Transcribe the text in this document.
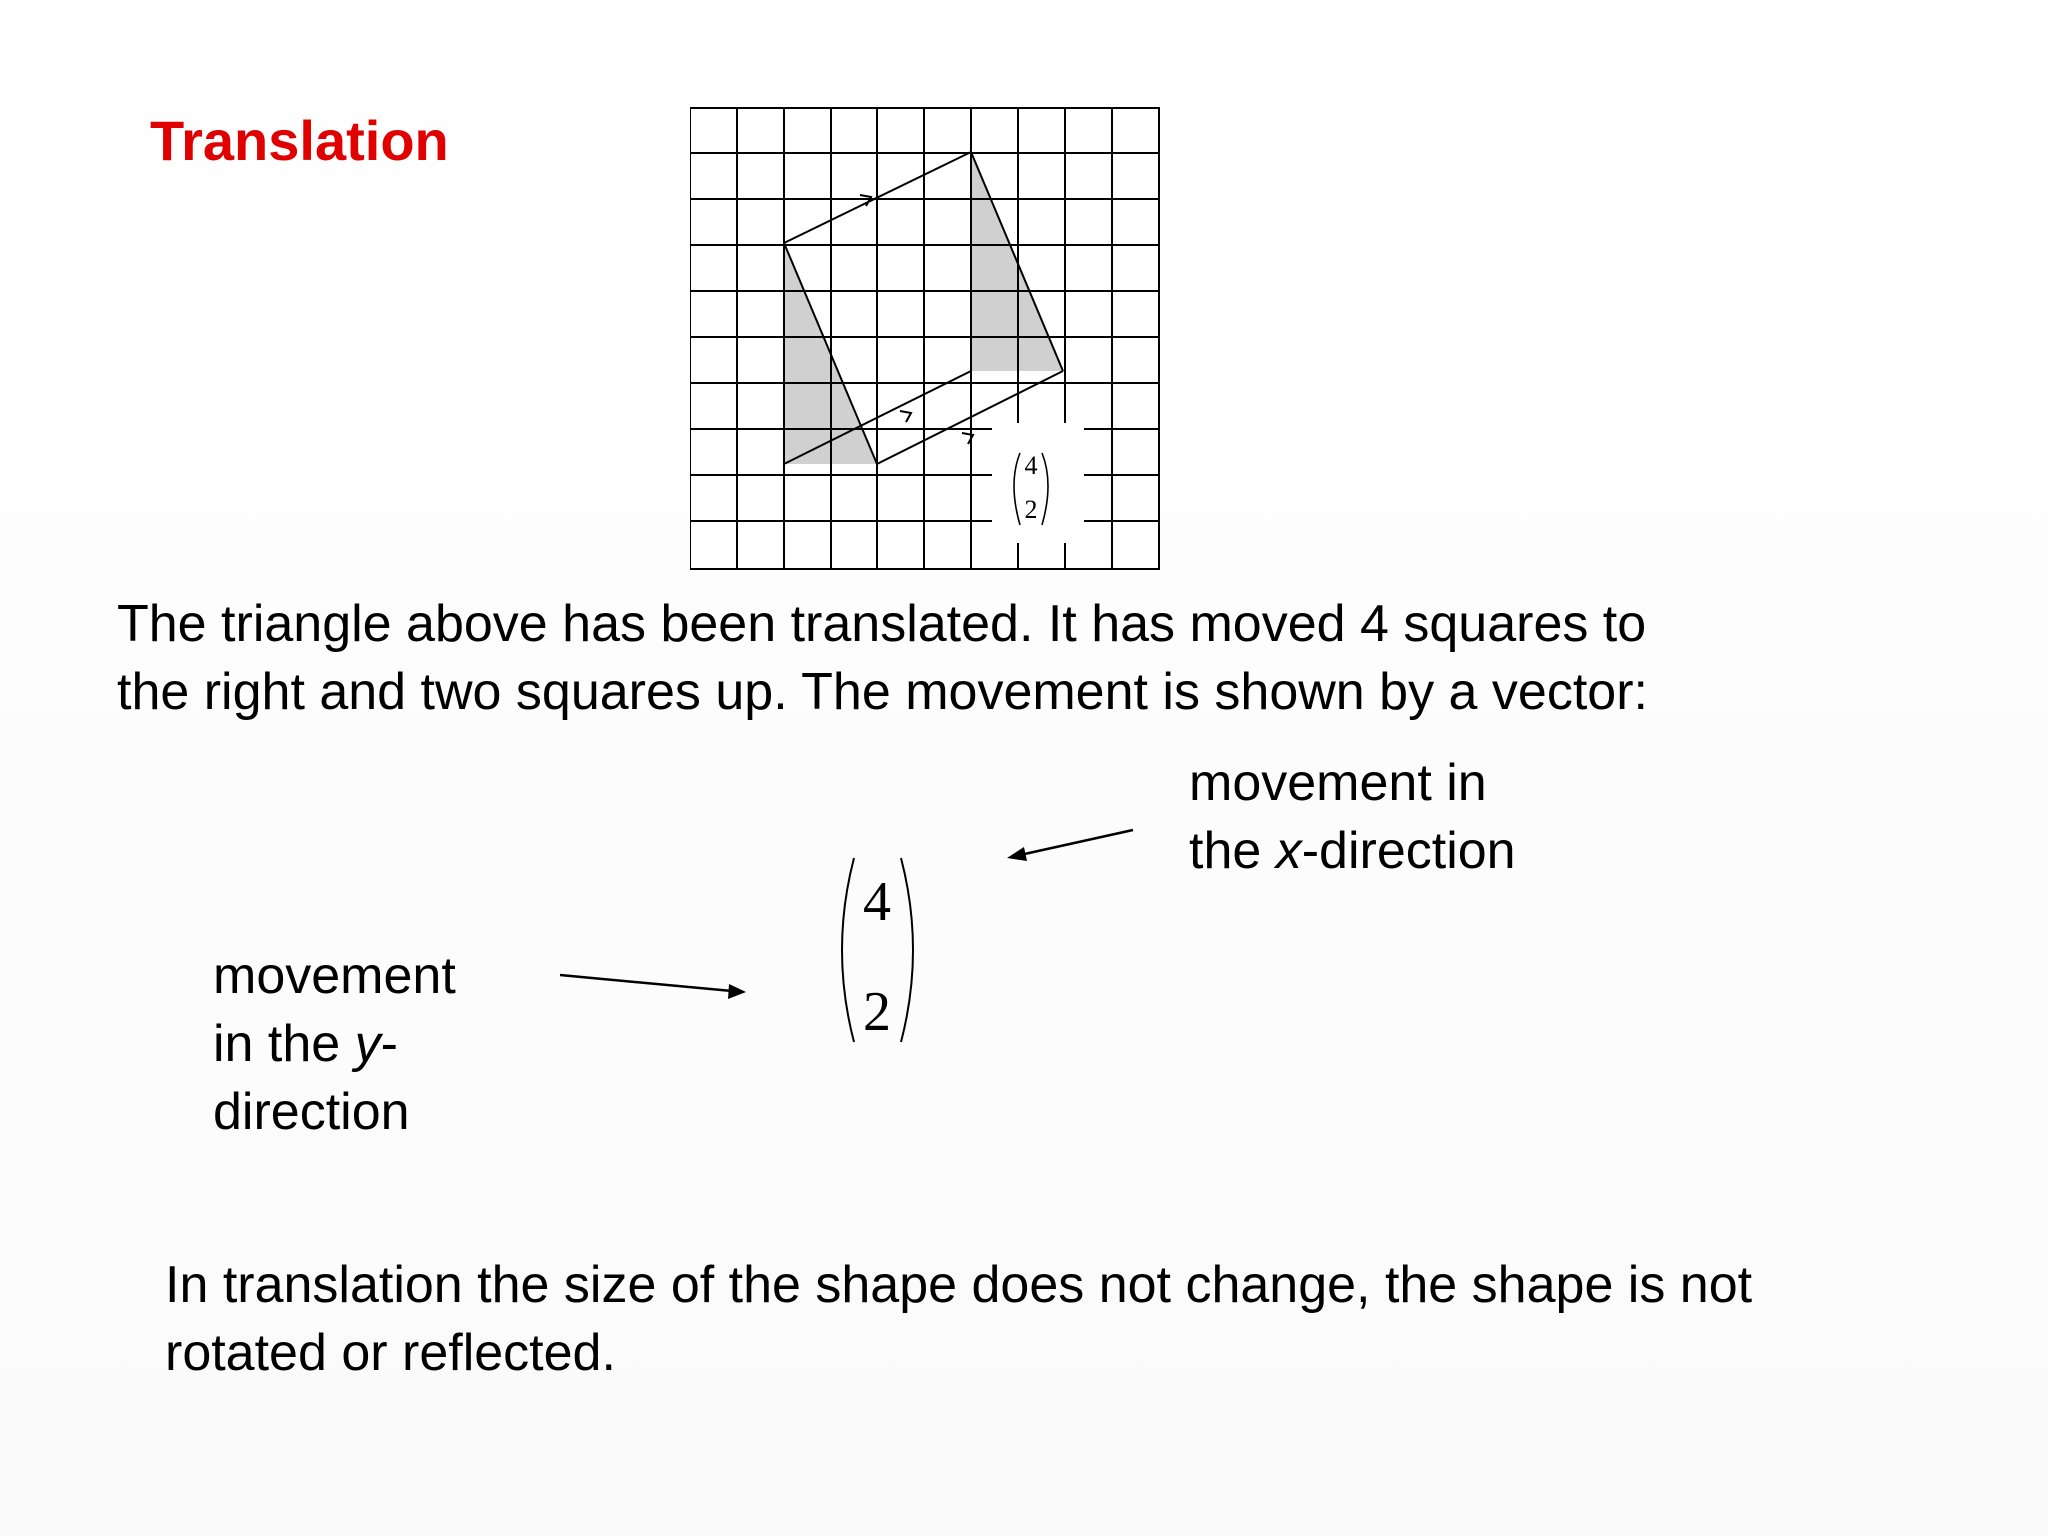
Translation
4
2
The triangle above has been translated. It has moved 4 squares to
the right and two squares up. The movement is shown by a vector:
movement in
the x-direction
movement
in the y-
direction
4
2
In translation the size of the shape does not change, the shape is not
rotated or reflected.
